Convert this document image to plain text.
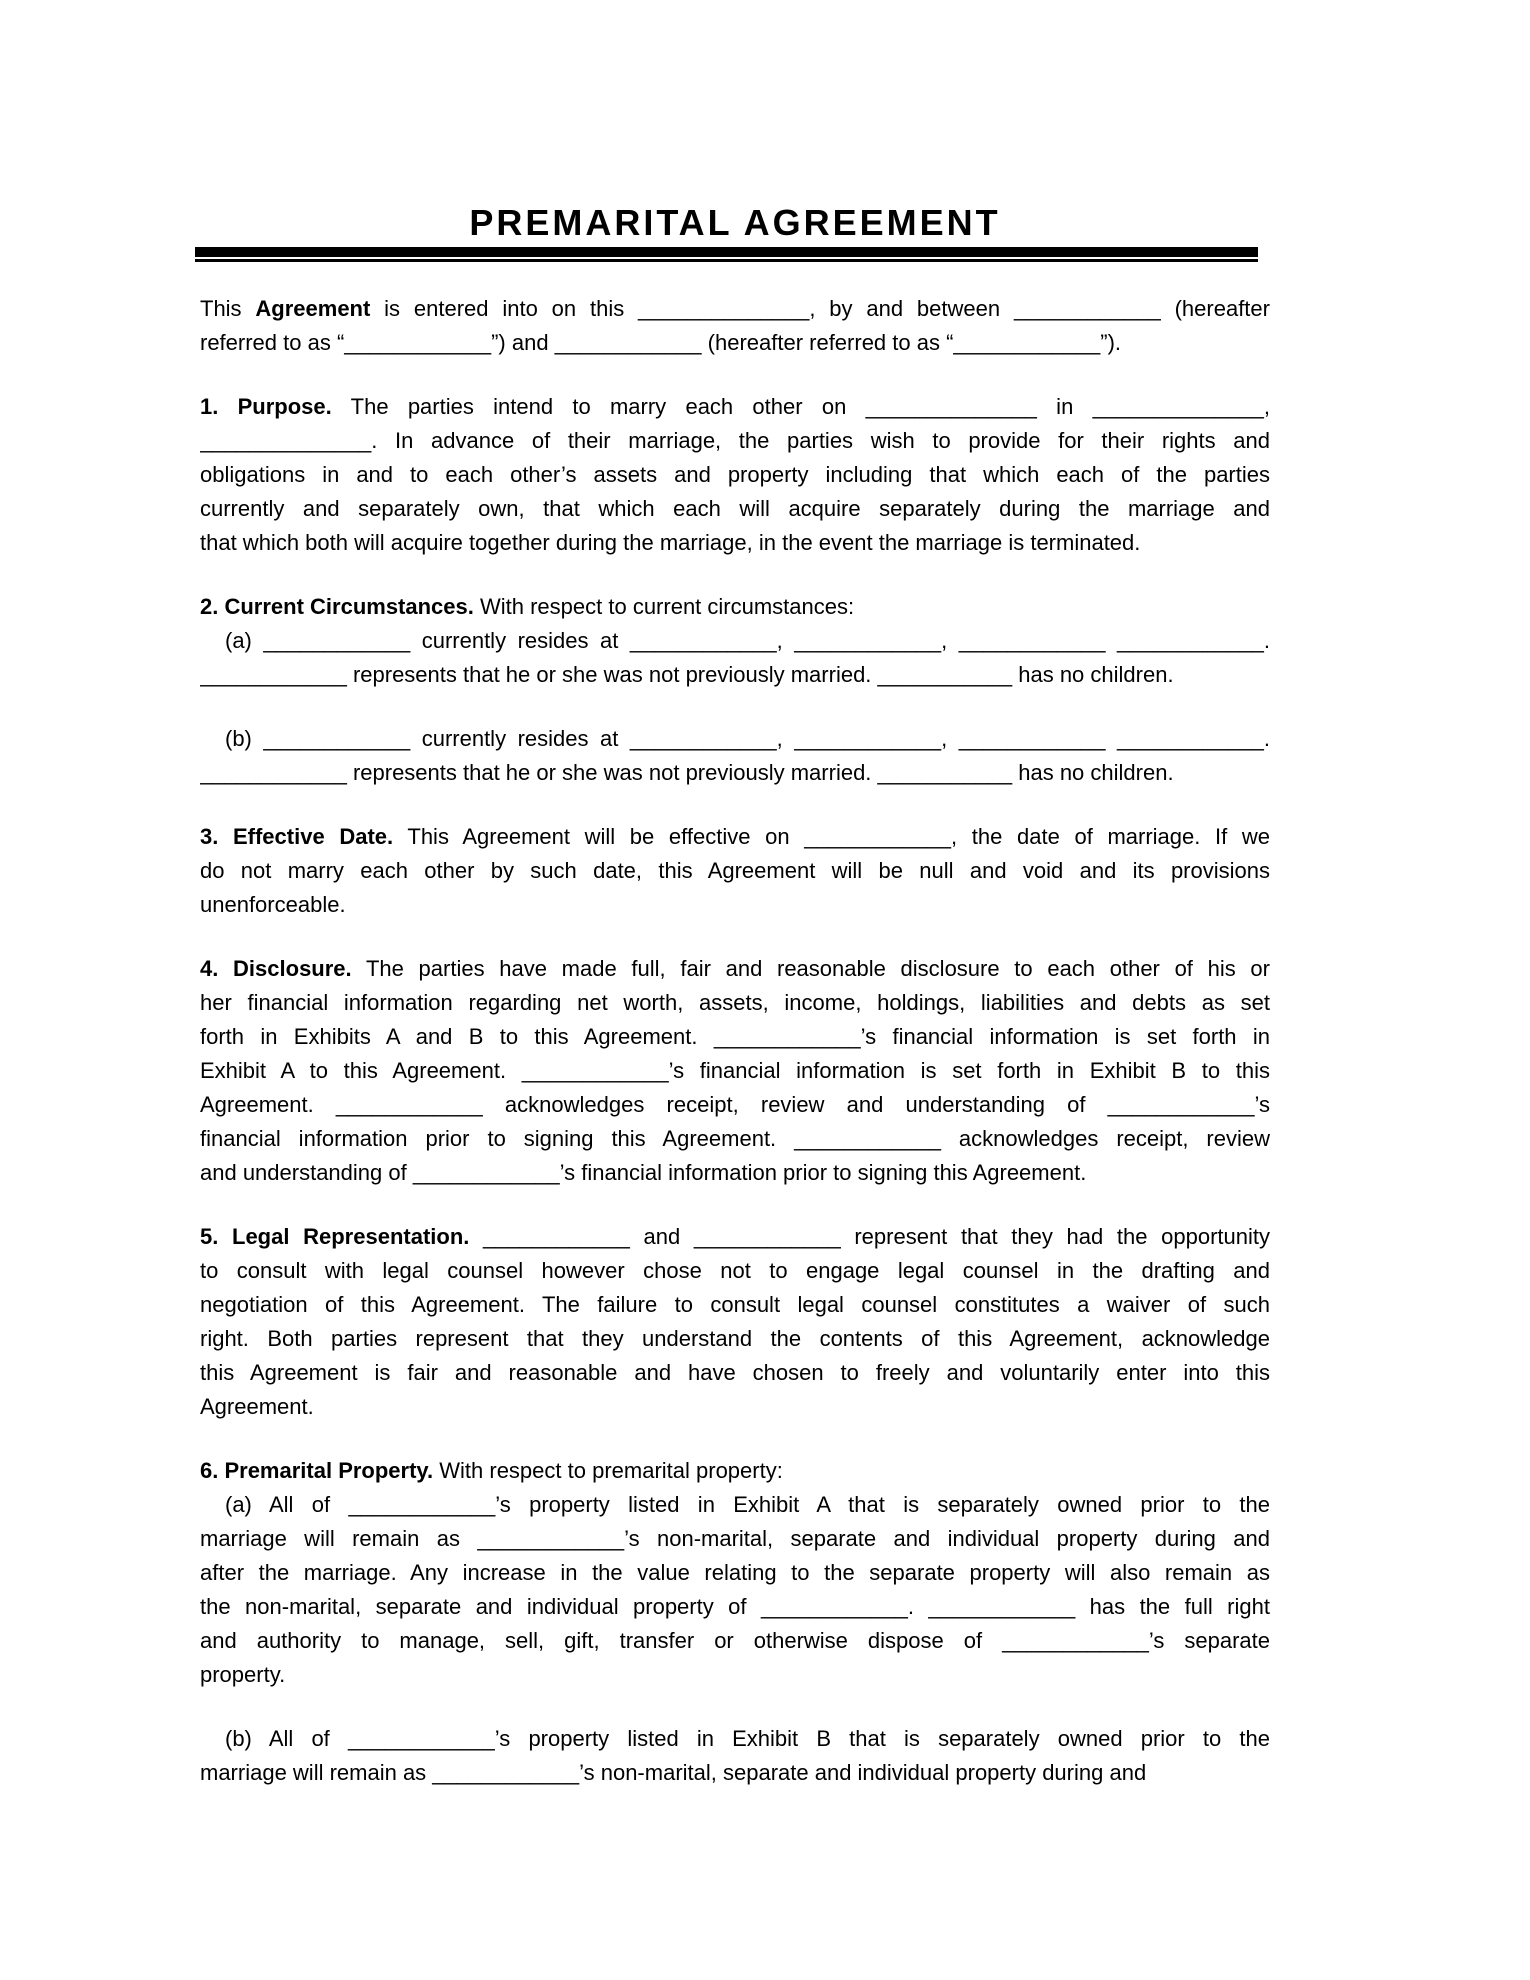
PREMARITAL AGREEMENT
This Agreement is entered into on this ______________, by and between ____________ (hereafter
referred to as “____________”) and ____________ (hereafter referred to as “____________”).
1. Purpose. The parties intend to marry each other on ______________ in ______________,
______________. In advance of their marriage, the parties wish to provide for their rights and
obligations in and to each other’s assets and property including that which each of the parties
currently and separately own, that which each will acquire separately during the marriage and
that which both will acquire together during the marriage, in the event the marriage is terminated.
2. Current Circumstances. With respect to current circumstances:
(a) ____________ currently resides at ____________, ____________, ____________ ____________.
____________ represents that he or she was not previously married. ___________ has no children.
(b) ____________ currently resides at ____________, ____________, ____________ ____________.
____________ represents that he or she was not previously married. ___________ has no children.
3. Effective Date. This Agreement will be effective on ____________, the date of marriage. If we
do not marry each other by such date, this Agreement will be null and void and its provisions
unenforceable.
4. Disclosure. The parties have made full, fair and reasonable disclosure to each other of his or
her financial information regarding net worth, assets, income, holdings, liabilities and debts as set
forth in Exhibits A and B to this Agreement. ____________’s financial information is set forth in
Exhibit A to this Agreement. ____________’s financial information is set forth in Exhibit B to this
Agreement. ____________ acknowledges receipt, review and understanding of ____________’s
financial information prior to signing this Agreement. ____________ acknowledges receipt, review
and understanding of ____________’s financial information prior to signing this Agreement.
5. Legal Representation. ____________ and ____________ represent that they had the opportunity
to consult with legal counsel however chose not to engage legal counsel in the drafting and
negotiation of this Agreement. The failure to consult legal counsel constitutes a waiver of such
right. Both parties represent that they understand the contents of this Agreement, acknowledge
this Agreement is fair and reasonable and have chosen to freely and voluntarily enter into this
Agreement.
6. Premarital Property. With respect to premarital property:
(a) All of ____________’s property listed in Exhibit A that is separately owned prior to the
marriage will remain as ____________’s non-marital, separate and individual property during and
after the marriage. Any increase in the value relating to the separate property will also remain as
the non-marital, separate and individual property of ____________. ____________ has the full right
and authority to manage, sell, gift, transfer or otherwise dispose of ____________’s separate
property.
(b) All of ____________’s property listed in Exhibit B that is separately owned prior to the
marriage will remain as ____________’s non-marital, separate and individual property during and
